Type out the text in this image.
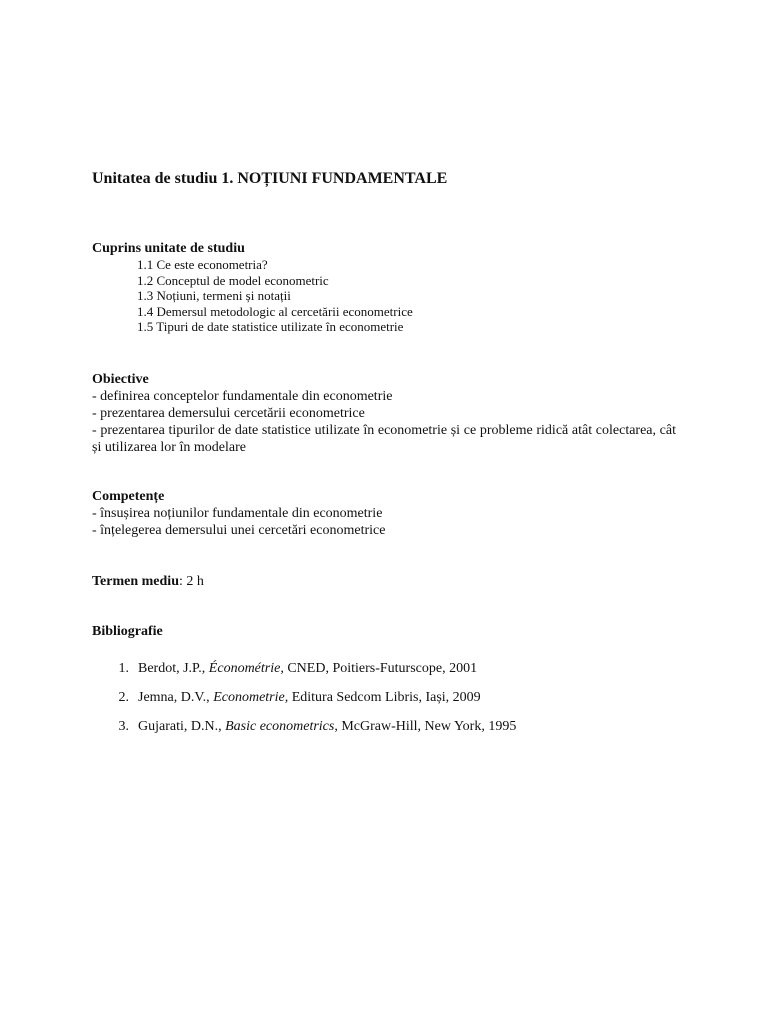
Unitatea de studiu 1. NOȚIUNI FUNDAMENTALE

Cuprins unitate de studiu

1.1 Ce este econometria?
1.2 Conceptul de model econometric
1.3 Noțiuni, termeni și notații
1.4 Demersul metodologic al cercetării econometrice
1.5 Tipuri de date statistice utilizate în econometrie

Obiective

- definirea conceptelor fundamentale din econometrie

- prezentarea demersului cercetării econometrice

- prezentarea tipurilor de date statistice utilizate în econometrie și ce probleme ridică atât colectarea, cât și utilizarea lor în modelare

Competențe

- însușirea noțiunilor fundamentale din econometrie

- înțelegerea demersului unei cercetări econometrice

Termen mediu: 2 h

Bibliografie

1. Berdot, J.P., Économétrie, CNED, Poitiers-Futurscope, 2001
2. Jemna, D.V., Econometrie, Editura Sedcom Libris, Iași, 2009
3. Gujarati, D.N., Basic econometrics, McGraw-Hill, New York, 1995
